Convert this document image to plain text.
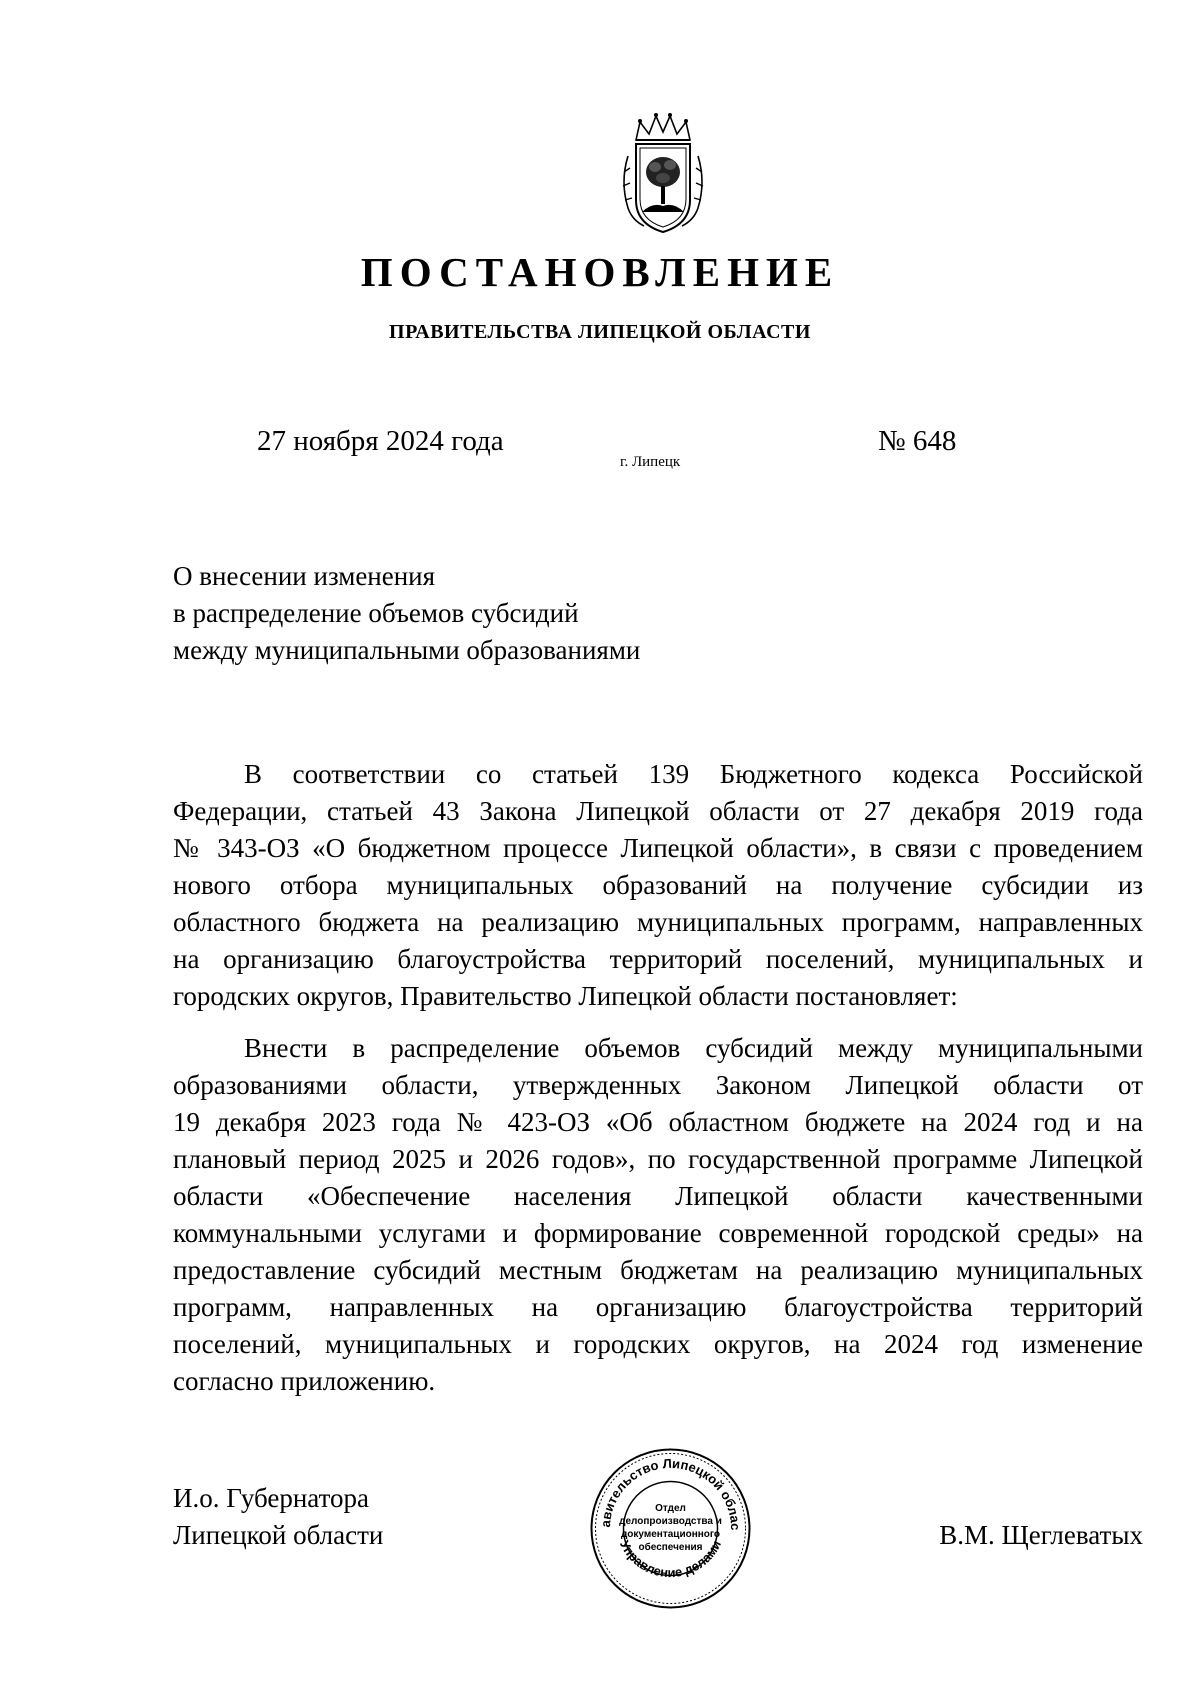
ПОСТАНОВЛЕНИЕ
ПРАВИТЕЛЬСТВА ЛИПЕЦКОЙ ОБЛАСТИ
27 ноября 2024 года
г. Липецк
№ 648
О внесении изменения
в распределение объемов субсидий
между муниципальными образованиями
В соответствии со статьей 139 Бюджетного кодекса Российской
Федерации, статьей 43 Закона Липецкой области от 27 декабря 2019 года
№ 343-ОЗ «О бюджетном процессе Липецкой области», в связи с проведением
нового отбора муниципальных образований на получение субсидии из
областного бюджета на реализацию муниципальных программ, направленных
на организацию благоустройства территорий поселений, муниципальных и
городских округов, Правительство Липецкой области постановляет:
Внести в распределение объемов субсидий между муниципальными
образованиями области, утвержденных Законом Липецкой области от
19 декабря 2023 года № 423-ОЗ «Об областном бюджете на 2024 год и на
плановый период 2025 и 2026 годов», по государственной программе Липецкой
области «Обеспечение населения Липецкой области качественными
коммунальными услугами и формирование современной городской среды» на
предоставление субсидий местным бюджетам на реализацию муниципальных
программ, направленных на организацию благоустройства территорий
поселений, муниципальных и городских округов, на 2024 год изменение
согласно приложению.
И.о. Губернатора
Липецкой области	В.М. Щеглеватых
авительство Липецкой облас
Управление делами
Отдел
делопроизводства и
документационного
обеспечения
